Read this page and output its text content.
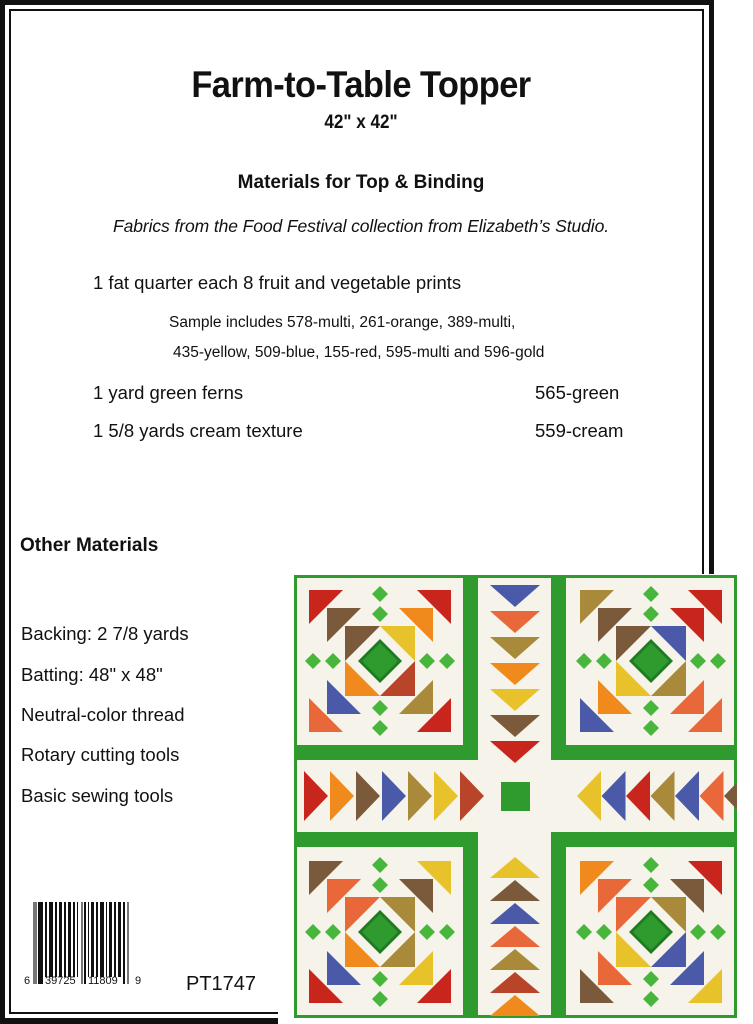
Farm-to-Table Topper
42" x 42"
Materials for Top & Binding
Fabrics from the Food Festival collection from Elizabeth’s Studio.
1 fat quarter each 8 fruit and vegetable prints
Sample includes 578-multi, 261-orange, 389-multi,
435-yellow, 509-blue, 155-red, 595-multi and 596-gold
1 yard green ferns	565-green
1 5/8 yards cream texture	559-cream
Other Materials
Backing: 2 7/8 yards
Batting: 48" x 48"
Neutral-color thread
Rotary cutting tools
Basic sewing tools
6 39725 11809 9 PT1747
